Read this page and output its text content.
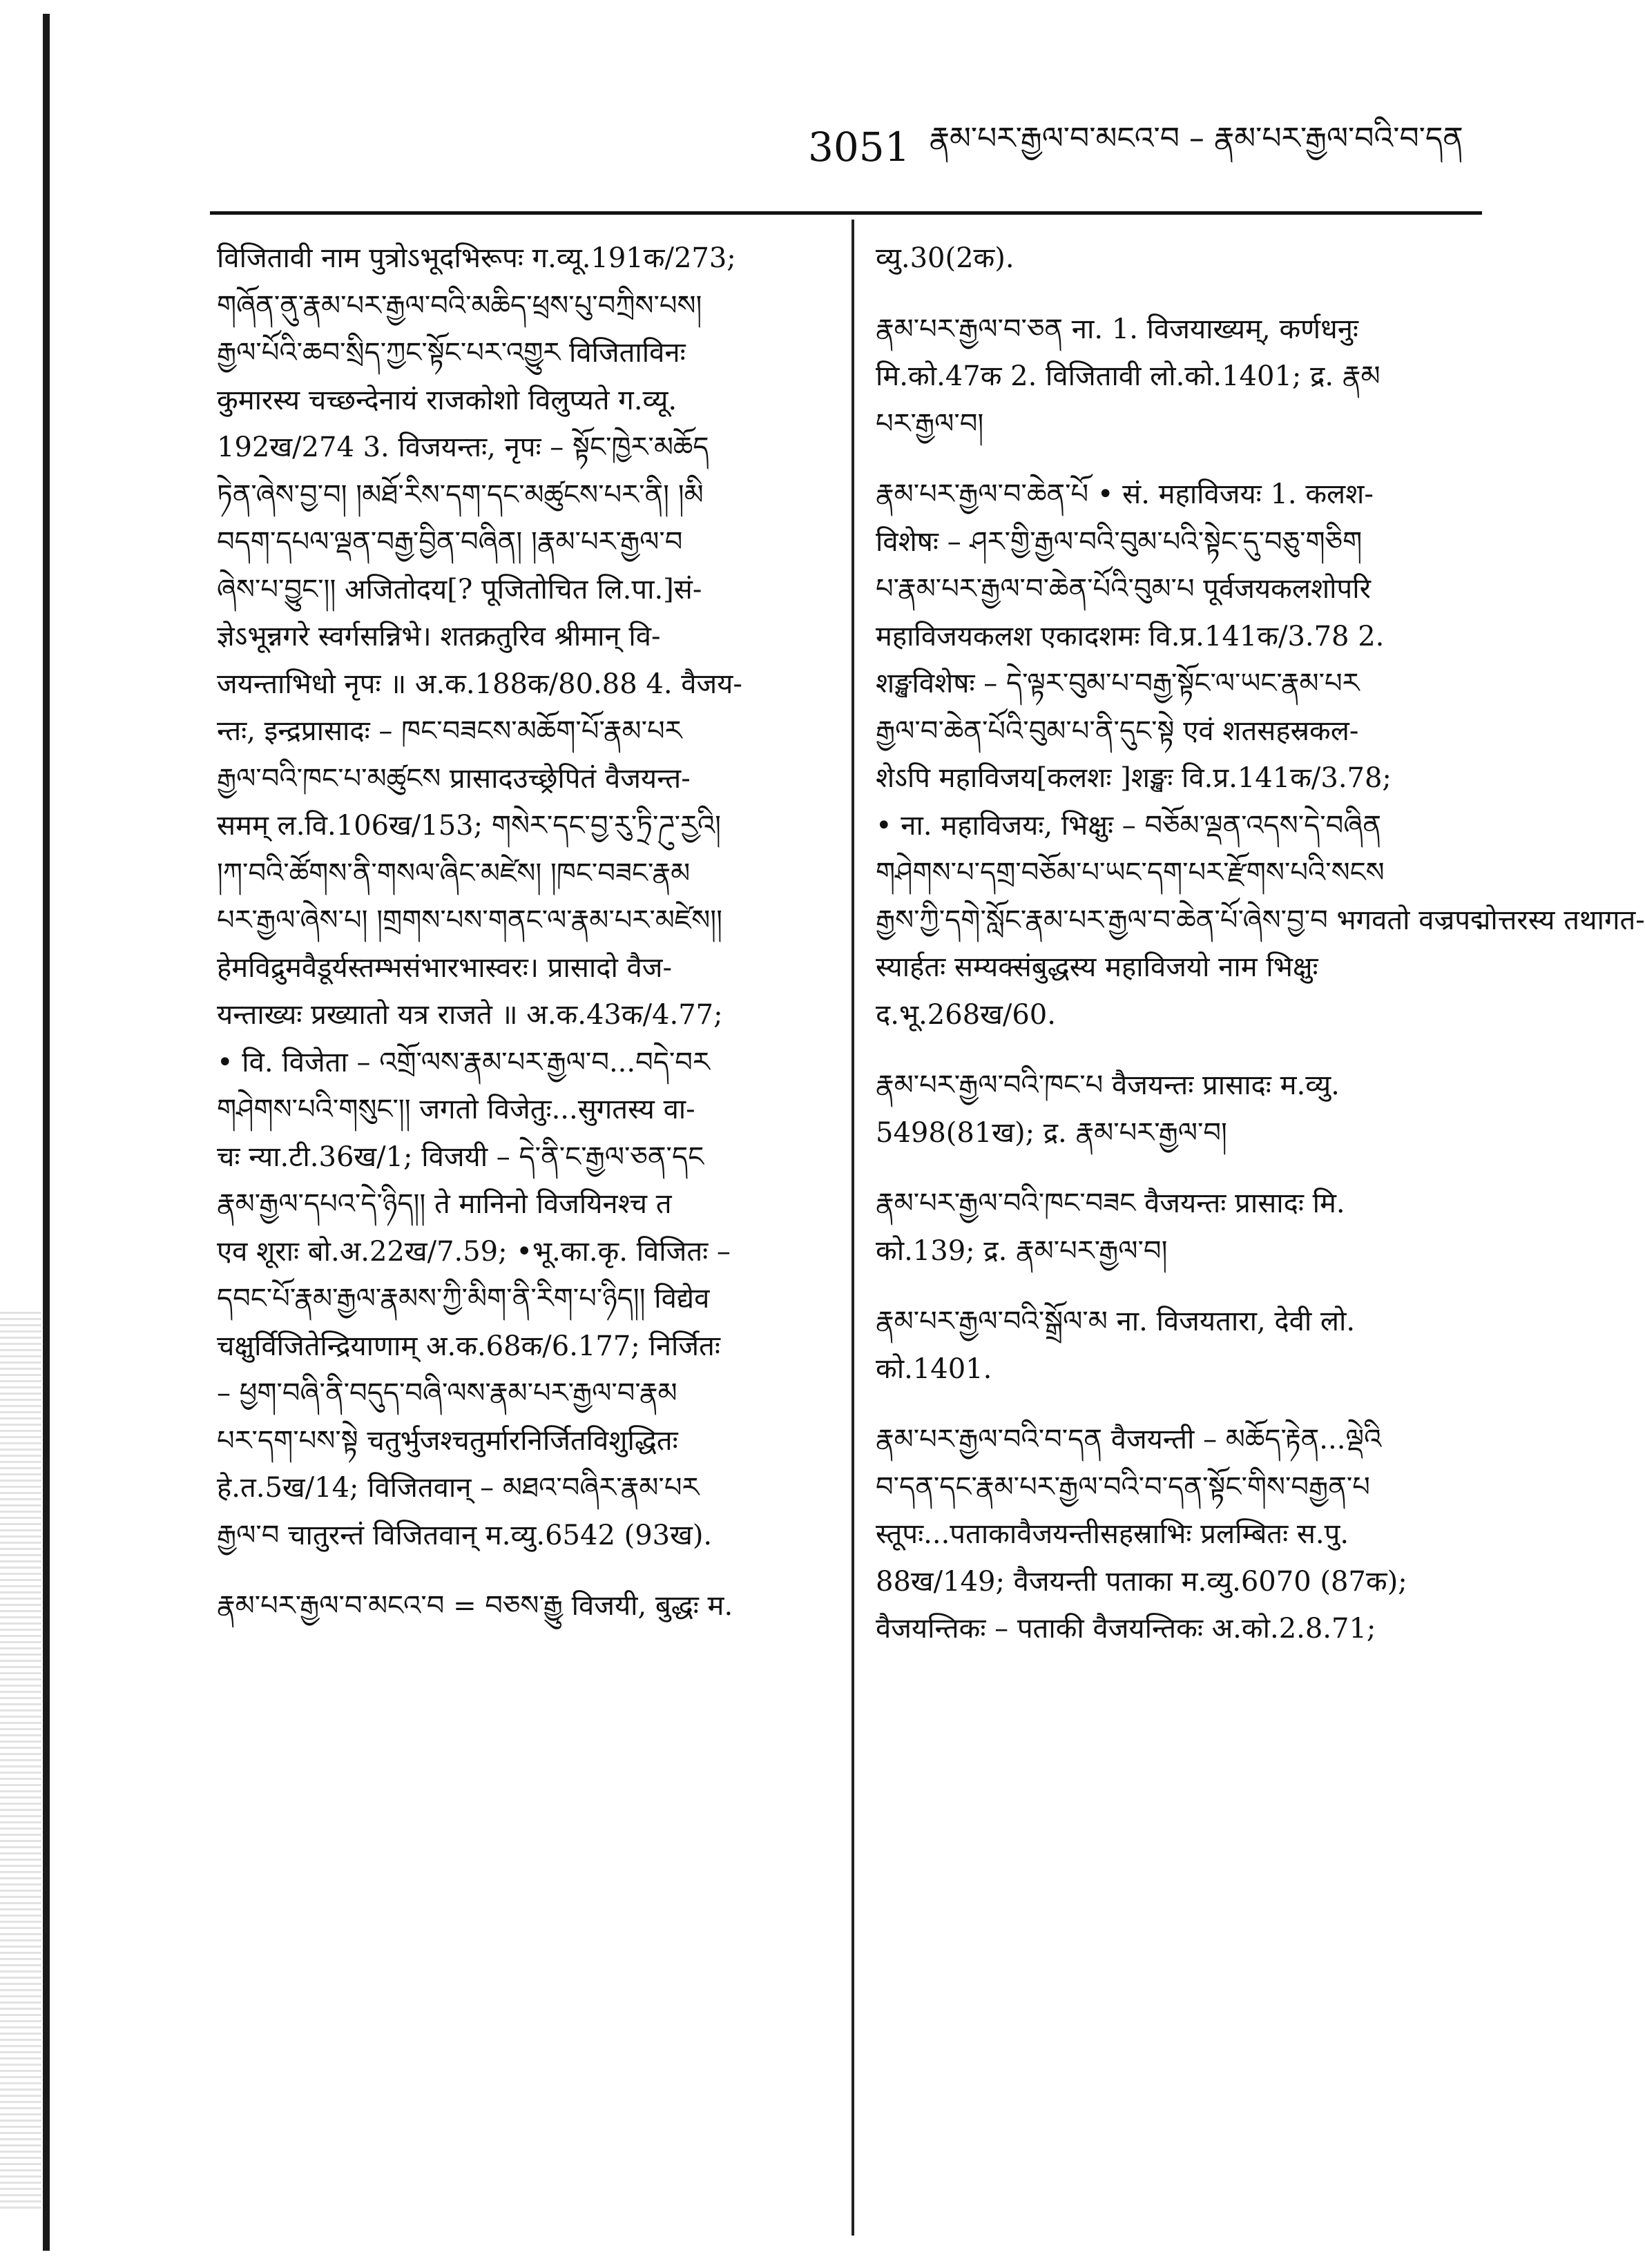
3051 རྣམ་པར་རྒྱལ་བ་མངའ་བ – རྣམ་པར་རྒྱལ་བའི་བ་དན
विजितावी नाम पुत्रोऽभूदभिरूपः ग.व्यू.191क/273;
གཞོན་ནུ་རྣམ་པར་རྒྱལ་བའི་མཆིད་ཕྲས་པུ་བཀྲིས་པས།
རྒྱལ་པོའི་ཆབ་སྲིད་ཀྱང་སྟོང་པར་འགྱུར विजिताविनः
कुमारस्य चच्छन्देनायं राजकोशो विलुप्यते ग.व्यू.
192ख/274 3. विजयन्तः, नृपः – སྟོང་ཁྱེར་མཆོད
ཏེན་ཞེས་བྱ་བ། །མཐོ་རིས་དག་དང་མཚུངས་པར་ནི། །མི
བདག་དཔལ་ལྡན་བརྒྱ་བྱིན་བཞིན། །རྣམ་པར་རྒྱལ་བ
ཞེས་པ་བྱུང་།། अजितोदय[? पूजितोचित लि.पा.]सं-
ज्ञेऽभून्नगरे स्वर्गसन्निभे। शतक्रतुरिव श्रीमान् वि-
जयन्ताभिधो नृपः ॥ अ.क.188क/80.88 4. वैजय-
न्तः, इन्द्रप्रासादः – ཁང་བཟངས་མཆོག་པོ་རྣམ་པར
རྒྱལ་བའི་ཁང་པ་མཚུངས प्रासादउच्छ्रेपितं वैजयन्त-
समम् ल.वि.106ख/153; གསེར་དང་བྱ་རུ་ཏྲི་ཌུ་རྱའི།
།ཀ་བའི་ཚོགས་ནི་གསལ་ཞིང་མཛེས། །ཁང་བཟང་རྣམ
པར་རྒྱལ་ཞེས་པ། །གྲགས་པས་གནང་ལ་རྣམ་པར་མཛེས།།
हेमविद्रुमवैडूर्यस्तम्भसंभारभास्वरः। प्रासादो वैज-
यन्ताख्यः प्रख्यातो यत्र राजते ॥ अ.क.43क/4.77;
• वि. विजेता – འགྲོ་ལས་རྣམ་པར་རྒྱལ་བ...བདེ་བར
གཤེགས་པའི་གསུང་།། जगतो विजेतुः...सुगतस्य वा-
चः न्या.टी.36ख/1; विजयी – དེ་ནི་ང་རྒྱལ་ཅན་དང
རྣམ་རྒྱལ་དཔའ་དེ་ཉིད།། ते मानिनो विजयिनश्च त
एव शूराः बो.अ.22ख/7.59; •भू.का.कृ. विजितः –
དབང་པོ་རྣམ་རྒྱལ་རྣམས་ཀྱི་མིག་ནི་རིག་པ་ཉིད།། विद्येव
चक्षुर्विजितेन्द्रियाणाम् अ.क.68क/6.177; निर्जितः
– ཕྱག་བཞི་ནི་བདུད་བཞི་ལས་རྣམ་པར་རྒྱལ་བ་རྣམ
པར་དག་པས་སྟེ चतुर्भुजश्चतुर्मारनिर्जितविशुद्धितः
हे.त.5ख/14; विजितवान् – མཐའ་བཞིར་རྣམ་པར
རྒྱལ་བ चातुरन्तं विजितवान् म.व्यु.6542 (93ख).
རྣམ་པར་རྒྱལ་བ་མངའ་བ = བཅས་རྒྱུ विजयी, बुद्धः म.
व्यु.30(2क).
རྣམ་པར་རྒྱལ་བ་ཅན ना. 1. विजयाख्यम्, कर्णधनुः
मि.को.47क 2. विजितावी लो.को.1401; द्र. རྣམ
པར་རྒྱལ་བ།
རྣམ་པར་རྒྱལ་བ་ཆེན་པོ • सं. महाविजयः 1. कलश-
विशेषः – ཤར་གྱི་རྒྱལ་བའི་བུམ་པའི་སྟེང་དུ་བཅུ་གཅིག
པ་རྣམ་པར་རྒྱལ་བ་ཆེན་པོའི་བུམ་པ पूर्वजयकलशोपरि
महाविजयकलश एकादशमः वि.प्र.141क/3.78 2.
शङ्खविशेषः – དེ་ལྟར་བུམ་པ་བརྒྱ་སྟོང་ལ་ཡང་རྣམ་པར
རྒྱལ་བ་ཆེན་པོའི་བུམ་པ་ནི་དུང་སྟེ एवं शतसहस्रकल-
शेऽपि महाविजय[कलशः ]शङ्खः वि.प्र.141क/3.78;
• ना. महाविजयः, भिक्षुः – བཅོམ་ལྡན་འདས་དེ་བཞིན
གཤེགས་པ་དགྲ་བཅོམ་པ་ཡང་དག་པར་རྫོགས་པའི་སངས
རྒྱས་ཀྱི་དགེ་སློང་རྣམ་པར་རྒྱལ་བ་ཆེན་པོ་ཞེས་བྱ་བ भगवतो वज्रपद्मोत्तरस्य तथागत-
स्यार्हतः सम्यक्संबुद्धस्य महाविजयो नाम भिक्षुः
द.भू.268ख/60.
རྣམ་པར་རྒྱལ་བའི་ཁང་པ वैजयन्तः प्रासादः म.व्यु.
5498(81ख); द्र. རྣམ་པར་རྒྱལ་བ།
རྣམ་པར་རྒྱལ་བའི་ཁང་བཟང वैजयन्तः प्रासादः मि.
को.139; द्र. རྣམ་པར་རྒྱལ་བ།
རྣམ་པར་རྒྱལ་བའི་སྒྲོལ་མ ना. विजयतारा, देवी लो.
को.1401.
རྣམ་པར་རྒྱལ་བའི་བ་དན वैजयन्ती – མཆོད་རྟེན...ལྡེའི
བ་དན་དང་རྣམ་པར་རྒྱལ་བའི་བ་དན་སྟོང་གིས་བརྒྱན་པ
स्तूपः...पताकावैजयन्तीसहस्राभिः प्रलम्बितः स.पु.
88ख/149; वैजयन्ती पताका म.व्यु.6070 (87क);
वैजयन्तिकः – पताकी वैजयन्तिकः अ.को.2.8.71;
